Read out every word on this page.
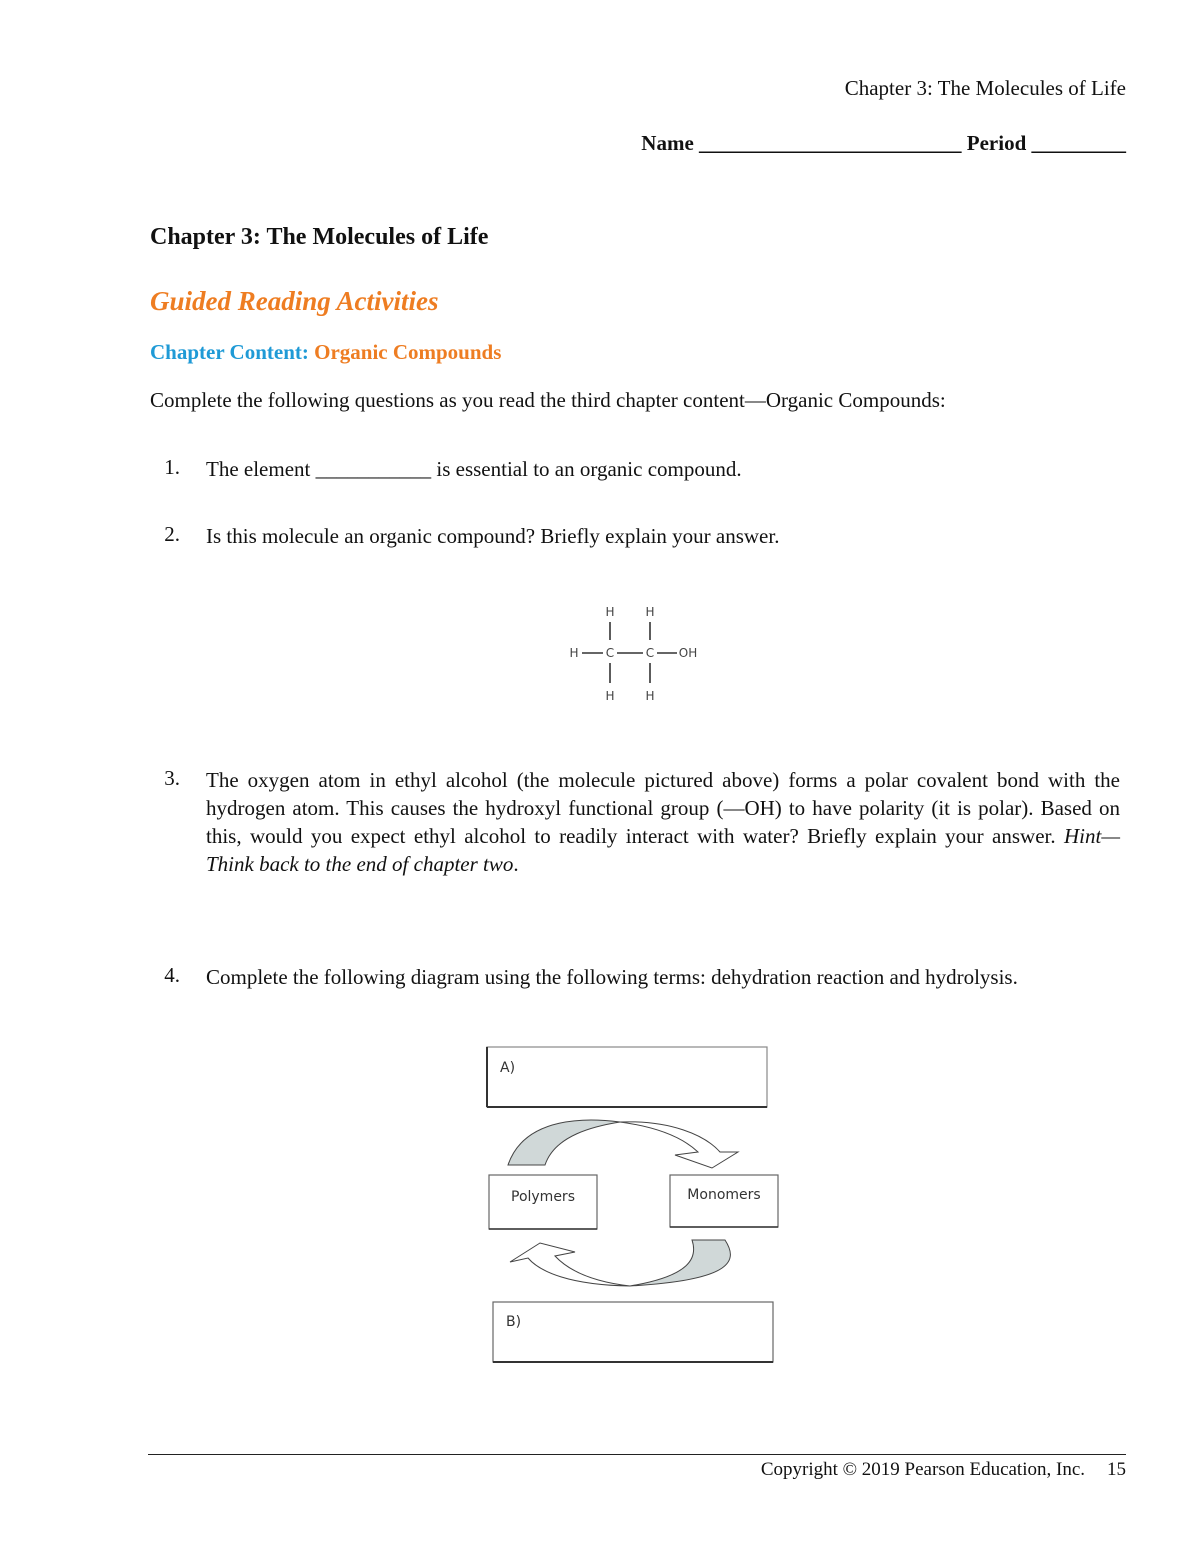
Chapter 3: The Molecules of Life
Name _________________________ Period _________
Chapter 3: The Molecules of Life
Guided Reading Activities
Chapter Content: Organic Compounds
Complete the following questions as you read the third chapter content—Organic Compounds:
1. The element ___________ is essential to an organic compound.
2. Is this molecule an organic compound? Briefly explain your answer.
H	H
H C	C OH
H	H
3. The oxygen atom in ethyl alcohol (the molecule pictured above) forms a polar covalent bond with the hydrogen atom. This causes the hydroxyl functional group (—OH) to have polarity (it is polar). Based on this, would you expect ethyl alcohol to readily interact with water? Briefly explain your answer. Hint—Think back to the end of chapter two.
4. Complete the following diagram using the following terms: dehydration reaction and hydrolysis.
A)
Polymers	Monomers
B)
Copyright © 2019 Pearson Education, Inc. 15
